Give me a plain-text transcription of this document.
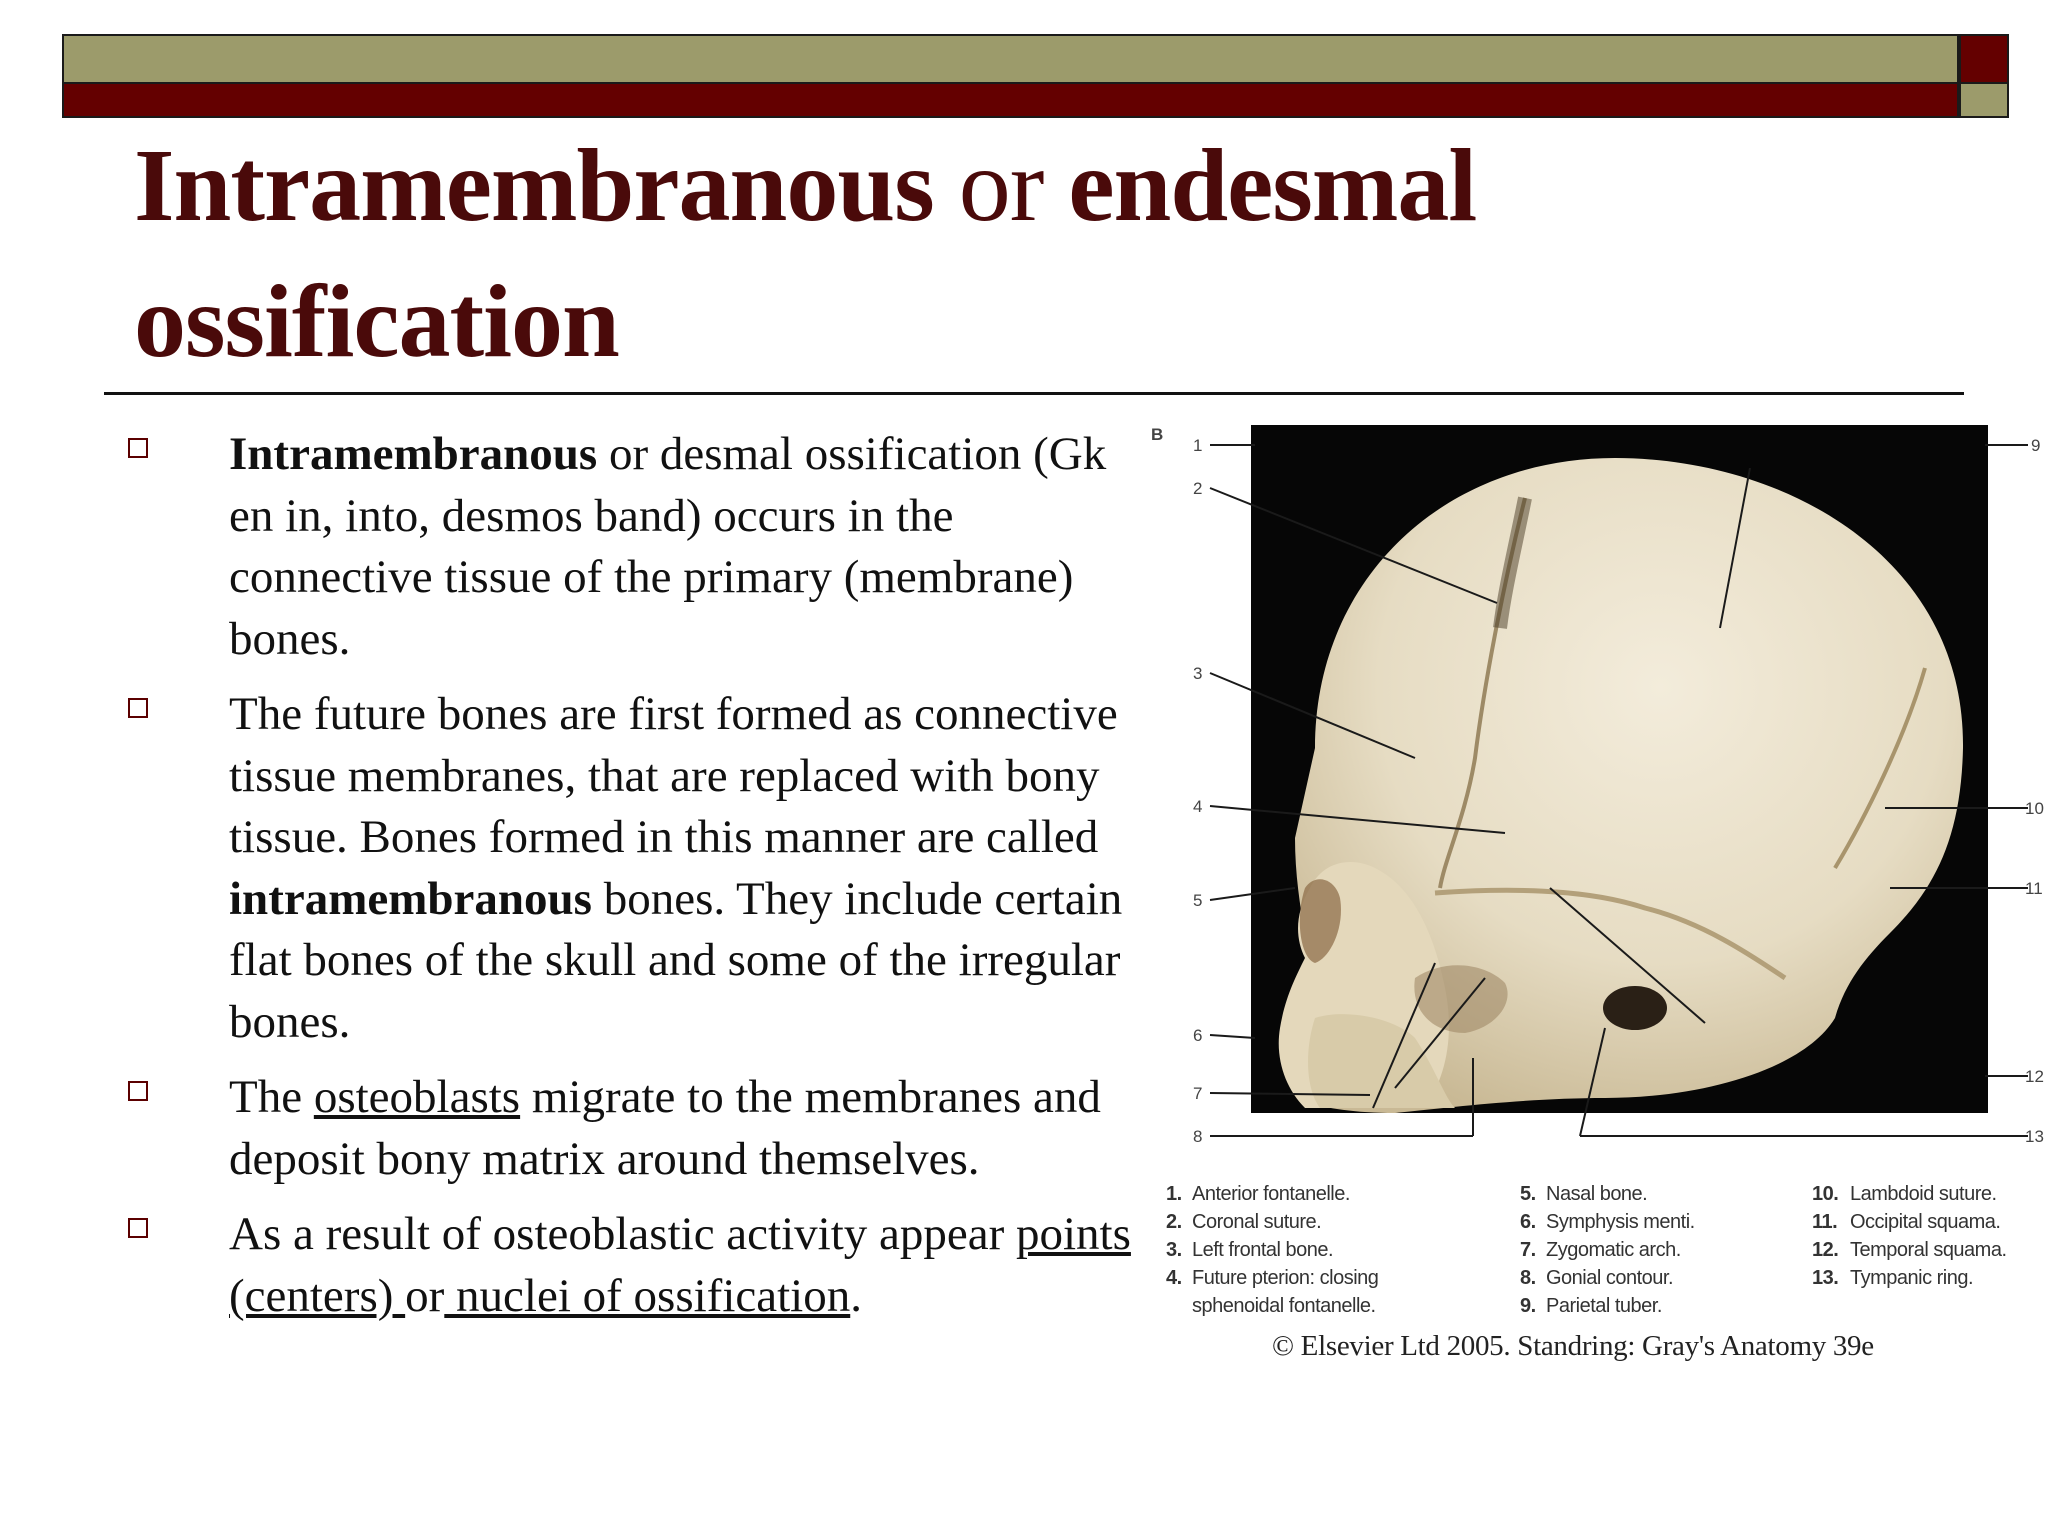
Intramembranous or endesmal
ossification
Intramembranous or desmal ossification (Gk en in, into, desmos band) occurs in the connective tissue of the primary (membrane) bones.
The future bones are first formed as connective tissue membranes, that are replaced with bony tissue. Bones formed in this manner are called intramembranous bones. They include certain flat bones of the skull and some of the irregular bones.
The osteoblasts migrate to the membranes and deposit bony matrix around themselves.
As a result of osteoblastic activity appear points (centers) or nuclei of ossification.
B
1
2
3
4
5
6
7
8
9
10
11
12
13
1. Anterior fontanelle.
2. Coronal suture.
3. Left frontal bone.
4. Future pterion: closing
sphenoidal fontanelle.
5. Nasal bone.
6. Symphysis menti.
7. Zygomatic arch.
8. Gonial contour.
9. Parietal tuber.
10. Lambdoid suture.
11. Occipital squama.
12. Temporal squama.
13. Tympanic ring.
© Elsevier Ltd 2005. Standring: Gray's Anatomy 39e
